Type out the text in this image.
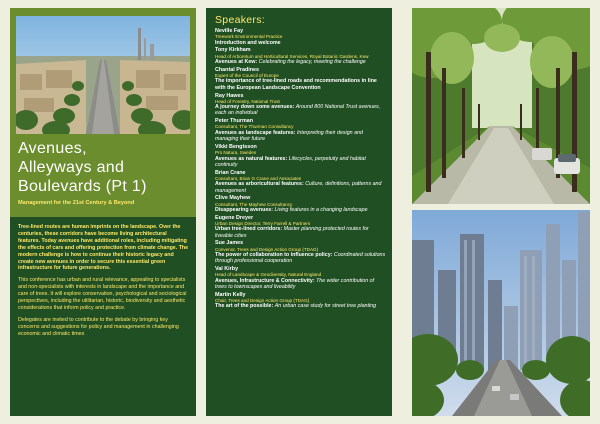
Avenues,
Alleyways and
Boulevards (Pt 1)
Management for the 21st Century & Beyond

Tree-lined routes are human imprints on the landscape. Over the centuries, these corridors have become living architectural features. Today avenues have additional roles, including mitigating the effects of cars and offering protection from climate change. The modern challenge is how to continue their historic legacy and create new avenues in order to secure this essential green infrastructure for future generations.

This conference has urban and rural relevance, appealing to specialists and non-specialists with interests in landscape and the importance and care of trees. It will explore conservation, psychological and sociological perspectives, including the utilitarian, historic, biodiversity and aesthetic considerations that inform policy and practice.

Delegates are invited to contribute to the debate by bringing key concerns and suggestions for policy and management in challenging economic and climatic times

Speakers:
Neville Fay
Treework Environmental Practice
Introduction and welcome
Tony Kirkham
Head of Arboretum and Horticultural Services, Royal Botanic Gardens, Kew
Avenues at Kew: Celebrating the legacy, meeting the challenge
Chantal Pradines
Expert of the Council of Europe
The importance of tree-lined roads and recommendations in line with the European Landscape Convention
Ray Hawes
Head of Forestry, National Trust
A journey down some avenues: Around 800 National Trust avenues, each an individual
Peter Thurman
Consultant, The Thurman Consultancy
Avenues as landscape features: Interpreting their design and managing their future
Vikki Bengtsson
Pro Natura, Sweden
Avenues as natural features: Lifecycles, perpetuity and habitat continuity
Brian Crane
Consultant, Brian G Crane and Associates
Avenues as arboricultural features: Culture, definitions, patterns and management
Clive Mayhew
Consultant, The Mayhew Consultancy
Disappearing avenues: Living features in a changing landscape
Eugene Dreyer
Urban Design Director, Terry Farrell & Partners
Urban tree-lined corridors: Master planning protected routes for liveable cities
Sue James
Convenor, Trees and Design Action Group (TDAG)
The power of collaboration to influence policy: Coordinated solutions through professional cooperation
Val Kirby
Head of Landscape & Geodiversity, Natural England
Avenues, Infrastructure & Connectivity: The wider contribution of trees to townscapes and liveability
Martin Kelly
Chair, Trees and Design Action Group (TDAG)
The art of the possible: An urban case study for street tree planting
